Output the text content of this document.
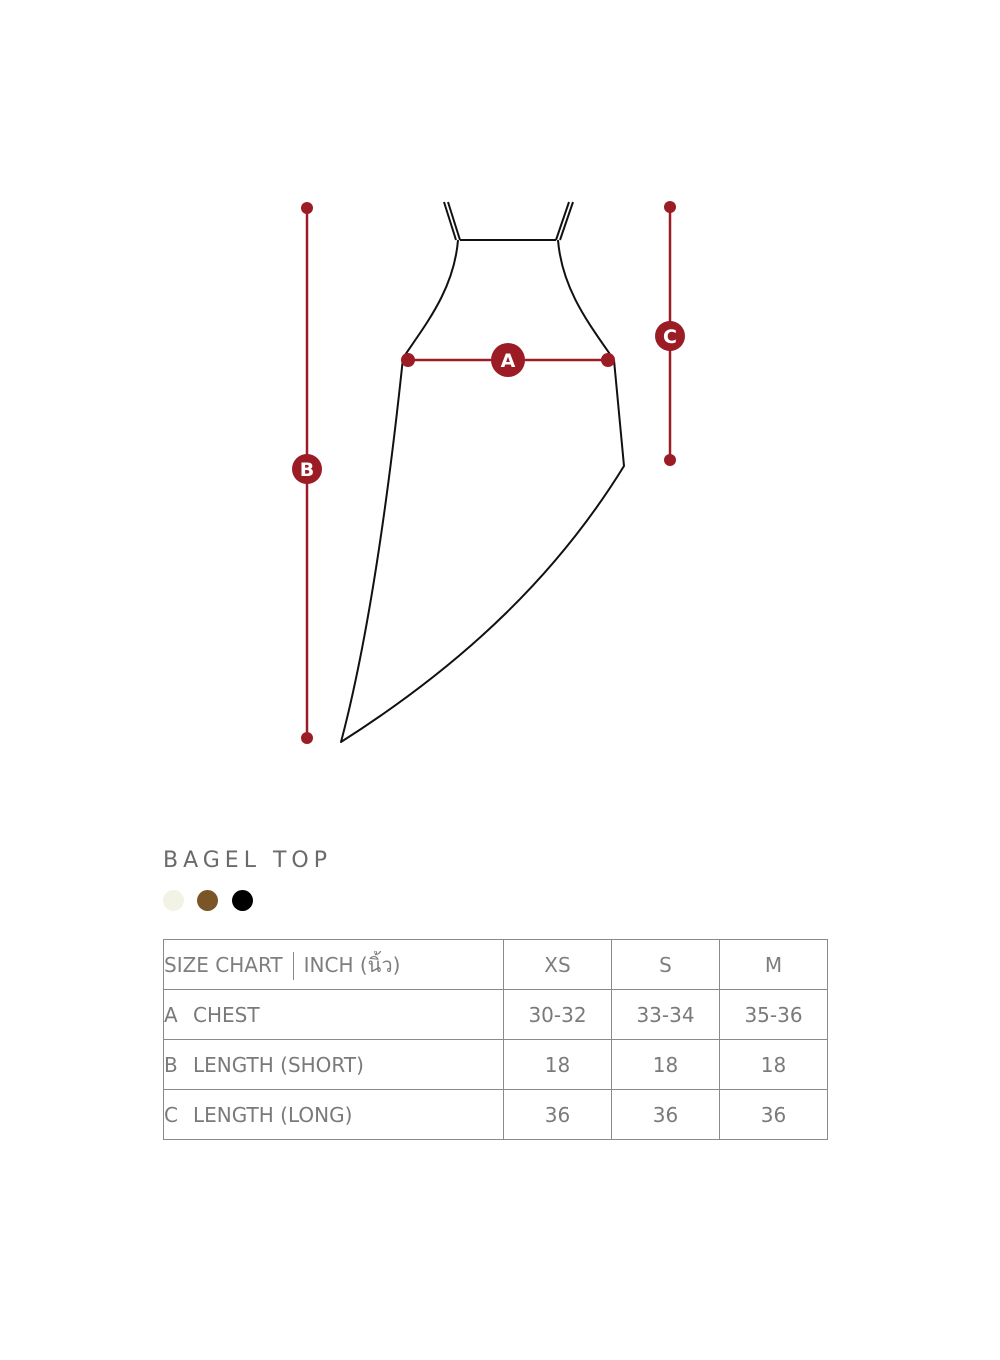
B
A
C
BAGEL TOP
SIZE CHART INCH (นิ้ว)	XS	S	M
A CHEST	30-32	33-34	35-36
B LENGTH (SHORT)	18	18	18
C LENGTH (LONG)	36	36	36
